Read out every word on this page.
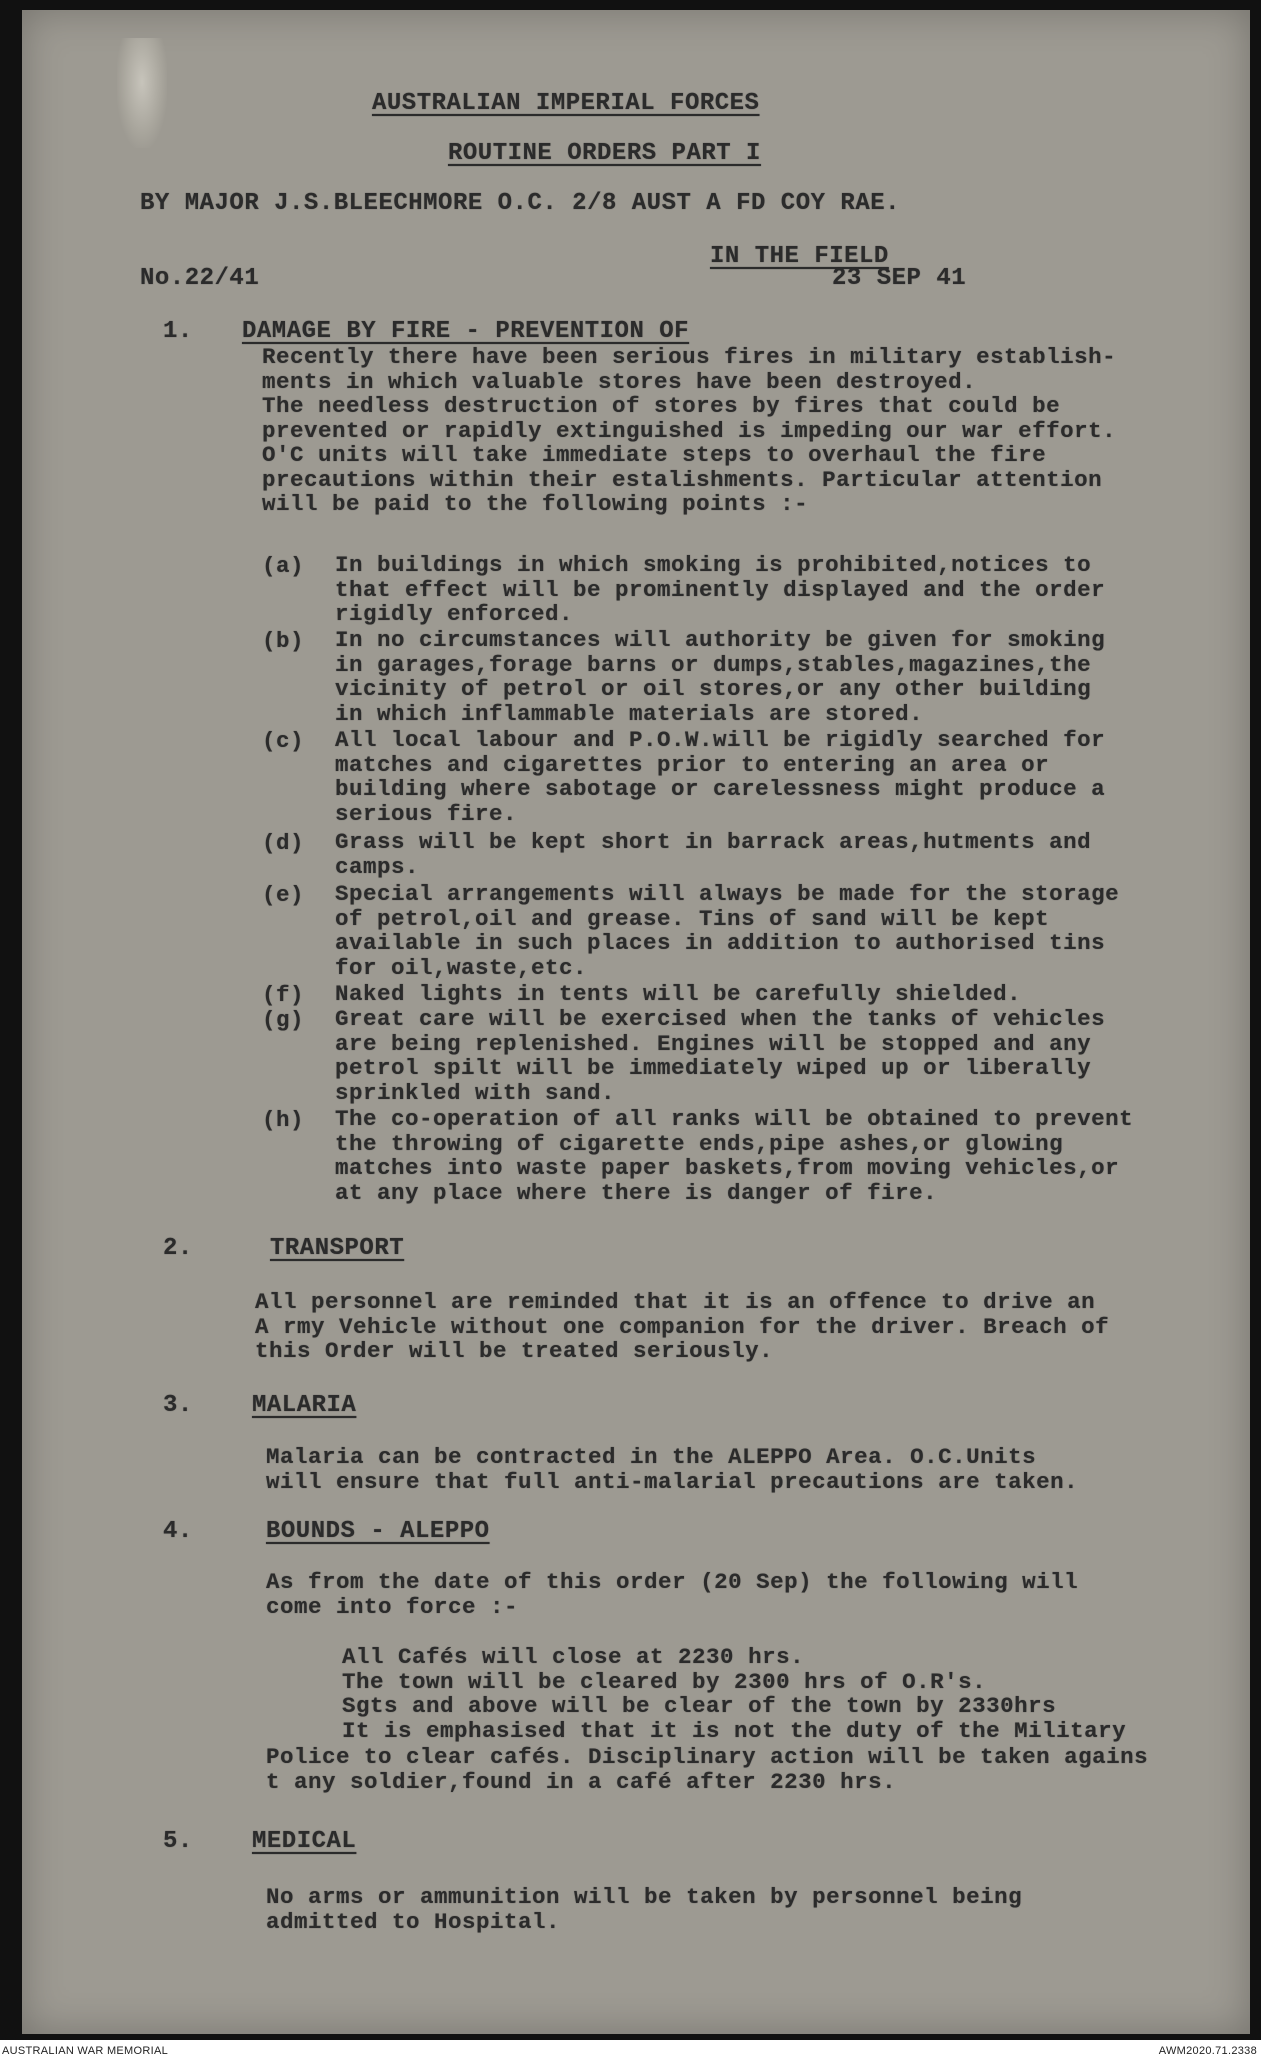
AUSTRALIAN IMPERIAL FORCES
ROUTINE ORDERS PART I
BY MAJOR J.S.BLEECHMORE O.C. 2/8 AUST A FD COY RAE.
IN THE FIELD
No.22/41	23 SEP 41
1. DAMAGE BY FIRE - PREVENTION OF
Recently there have been serious fires in military establish-
ments in which valuable stores have been destroyed.
The needless destruction of stores by fires that could be
prevented or rapidly extinguished is impeding our war effort.
O'C units will take immediate steps to overhaul the fire
precautions within their estalishments. Particular attention
will be paid to the following points :-
(a) In buildings in which smoking is prohibited,notices to
that effect will be prominently displayed and the order
rigidly enforced.
(b) In no circumstances will authority be given for smoking
in garages,forage barns or dumps,stables,magazines,the
vicinity of petrol or oil stores,or any other building
in which inflammable materials are stored.
(c) All local labour and P.O.W.will be rigidly searched for
matches and cigarettes prior to entering an area or
building where sabotage or carelessness might produce a
serious fire.
(d) Grass will be kept short in barrack areas,hutments and
camps.
(e) Special arrangements will always be made for the storage
of petrol,oil and grease. Tins of sand will be kept
available in such places in addition to authorised tins
for oil,waste,etc.
(f) Naked lights in tents will be carefully shielded.
(g) Great care will be exercised when the tanks of vehicles
are being replenished. Engines will be stopped and any
petrol spilt will be immediately wiped up or liberally
sprinkled with sand.
(h) The co-operation of all ranks will be obtained to prevent
the throwing of cigarette ends,pipe ashes,or glowing
matches into waste paper baskets,from moving vehicles,or
at any place where there is danger of fire.
2.	TRANSPORT
All personnel are reminded that it is an offence to drive an
A rmy Vehicle without one companion for the driver. Breach of
this Order will be treated seriously.
3. MALARIA
Malaria can be contracted in the ALEPPO Area. O.C.Units
will ensure that full anti-malarial precautions are taken.
4.	BOUNDS - ALEPPO
As from the date of this order (20 Sep) the following will
come into force :-
All Cafés will close at 2230 hrs.
The town will be cleared by 2300 hrs of O.R's.
Sgts and above will be clear of the town by 2330hrs
It is emphasised that it is not the duty of the Military
Police to clear cafés. Disciplinary action will be taken agains
t any soldier,found in a café after 2230 hrs.
5. MEDICAL
No arms or ammunition will be taken by personnel being
admitted to Hospital.
AUSTRALIAN WAR MEMORIAL	AWM2020.71.2338
